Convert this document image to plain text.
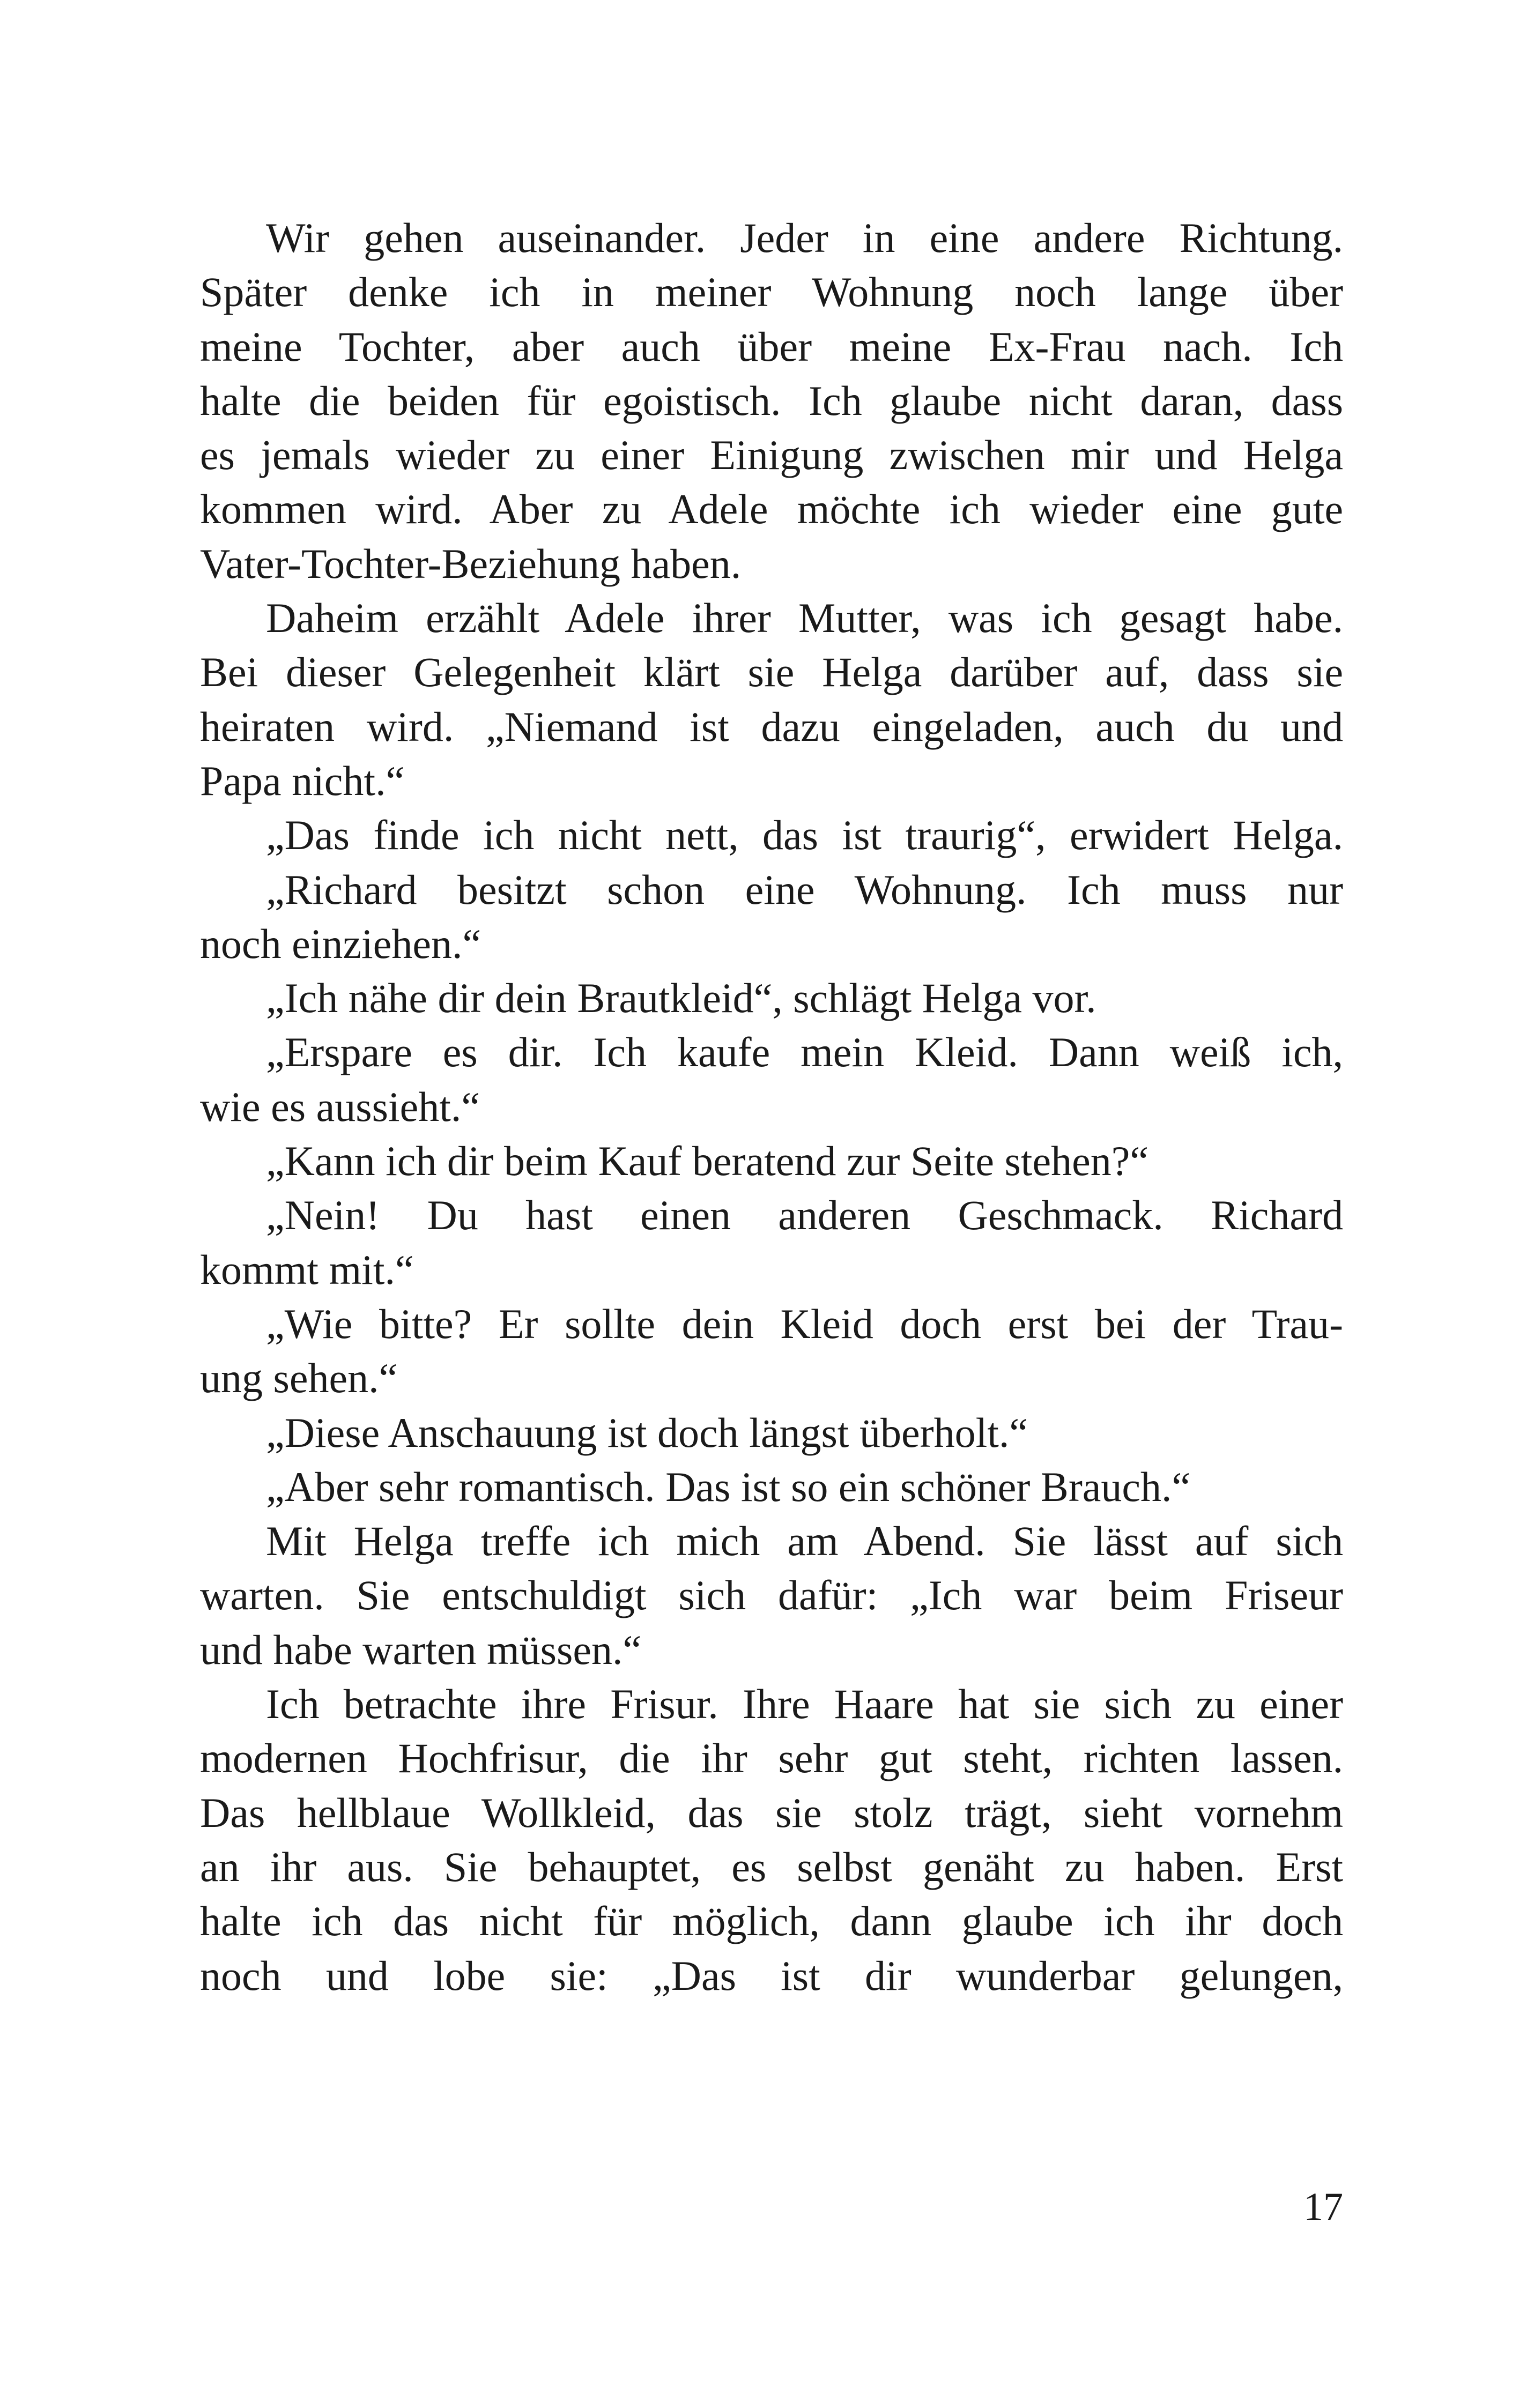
Wir gehen auseinander. Jeder in eine andere Richtung.
Später denke ich in meiner Wohnung noch lange über
meine Tochter, aber auch über meine Ex-Frau nach. Ich
halte die beiden für egoistisch. Ich glaube nicht daran, dass
es jemals wieder zu einer Einigung zwischen mir und Helga
kommen wird. Aber zu Adele möchte ich wieder eine gute
Vater-Tochter-Beziehung haben.
Daheim erzählt Adele ihrer Mutter, was ich gesagt habe.
Bei dieser Gelegenheit klärt sie Helga darüber auf, dass sie
heiraten wird. „Niemand ist dazu eingeladen, auch du und
Papa nicht.“
„Das finde ich nicht nett, das ist traurig“, erwidert Helga.
„Richard besitzt schon eine Wohnung. Ich muss nur
noch einziehen.“
„Ich nähe dir dein Brautkleid“, schlägt Helga vor.
„Erspare es dir. Ich kaufe mein Kleid. Dann weiß ich,
wie es aussieht.“
„Kann ich dir beim Kauf beratend zur Seite stehen?“
„Nein! Du hast einen anderen Geschmack. Richard
kommt mit.“
„Wie bitte? Er sollte dein Kleid doch erst bei der Trau-
ung sehen.“
„Diese Anschauung ist doch längst überholt.“
„Aber sehr romantisch. Das ist so ein schöner Brauch.“
Mit Helga treffe ich mich am Abend. Sie lässt auf sich
warten. Sie entschuldigt sich dafür: „Ich war beim Friseur
und habe warten müssen.“
Ich betrachte ihre Frisur. Ihre Haare hat sie sich zu einer
modernen Hochfrisur, die ihr sehr gut steht, richten lassen.
Das hellblaue Wollkleid, das sie stolz trägt, sieht vornehm
an ihr aus. Sie behauptet, es selbst genäht zu haben. Erst
halte ich das nicht für möglich, dann glaube ich ihr doch
noch und lobe sie: „Das ist dir wunderbar gelungen,
17
